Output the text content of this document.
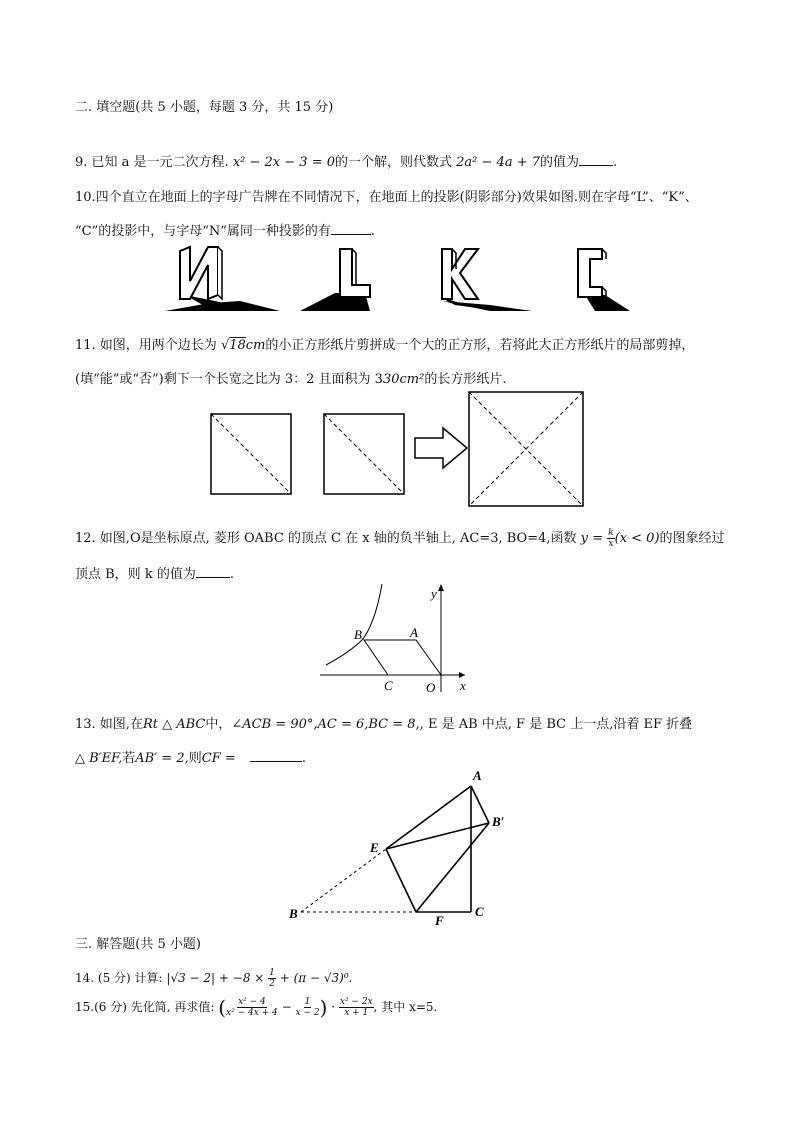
二. 填空题(共 5 小题，每题 3 分，共 15 分)
9. 已知 a 是一元二次方程. x² − 2x − 3 = 0的一个解，则代数式 2a² − 4a + 7的值为	.
10.四个直立在地面上的字母广告牌在不同情况下，在地面上的投影(阴影部分)效果如图.则在字母“L”、“K”、
“C”的投影中，与字母“N”属同一种投影的有	.
11. 如图，用两个边长为 √18cm的小正方形纸片剪拼成一个大的正方形，若将此大正方形纸片的局部剪掉，
(填“能”或“否”)剩下一个长宽之比为 3：2 且面积为 330cm²的长方形纸片.
12. 如图,O是坐标原点, 菱形 OABC 的顶点 C 在 x 轴的负半轴上, AC=3, BO=4,函数 $y = \frac{k}{x} (x < 0)$的图象经过
顶点 B，则 k 的值为	.
y
x
B	A
C	O
13. 如图,在Rt △ ABC中，∠ACB = 90°,AC = 6,BC = 8,, E 是 AB 中点, F 是 BC 上一点,沿着 EF 折叠
△ B′EF,若AB′ = 2,则CF =	.
A
B′
E
B	F
C
三. 解答题(共 5 小题)
14. (5 分) 计算: $|√3 - 2| + -8 \times \frac{1}{2} + (\pi - √3)^0$.
15.(6 分) 先化简, 再求值: ( $\frac{\text{x² − 4}}{\text{x² − 4x + 4}} - \frac{1}{x - 2}$ ) · $\frac{\text{x² − 2x}}{x + 1}$ , 其中 x=5.
